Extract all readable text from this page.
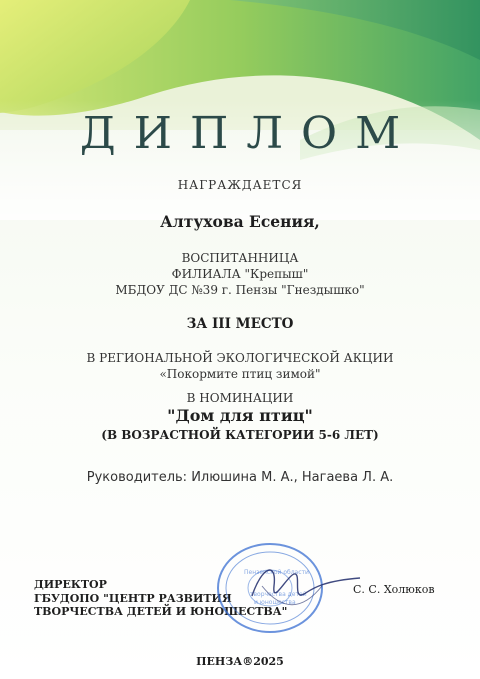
ДИПЛОМ
НАГРАЖДАЕТСЯ
Алтухова Есения,
ВОСПИТАННИЦА
ФИЛИАЛА "Крепыш"
МБДОУ ДС №39 г. Пензы "Гнездышко"
ЗА III МЕСТО
В РЕГИОНАЛЬНОЙ ЭКОЛОГИЧЕСКОЙ АКЦИИ
«Покормите птиц зимой"
В НОМИНАЦИИ
"Дом для птиц"
(В ВОЗРАСТНОЙ КАТЕГОРИИ 5-6 ЛЕТ)
Руководитель: Илюшина М. А., Нагаева Л. А.
ДИРЕКТОР
ГБУДОПО "ЦЕНТР РАЗВИТИЯ
ТВОРЧЕСТВА ДЕТЕЙ И ЮНОШЕСТВА"
Пензенской области
творчества детей
и юношества
С. С. Холюков
ПЕНЗА®2025
